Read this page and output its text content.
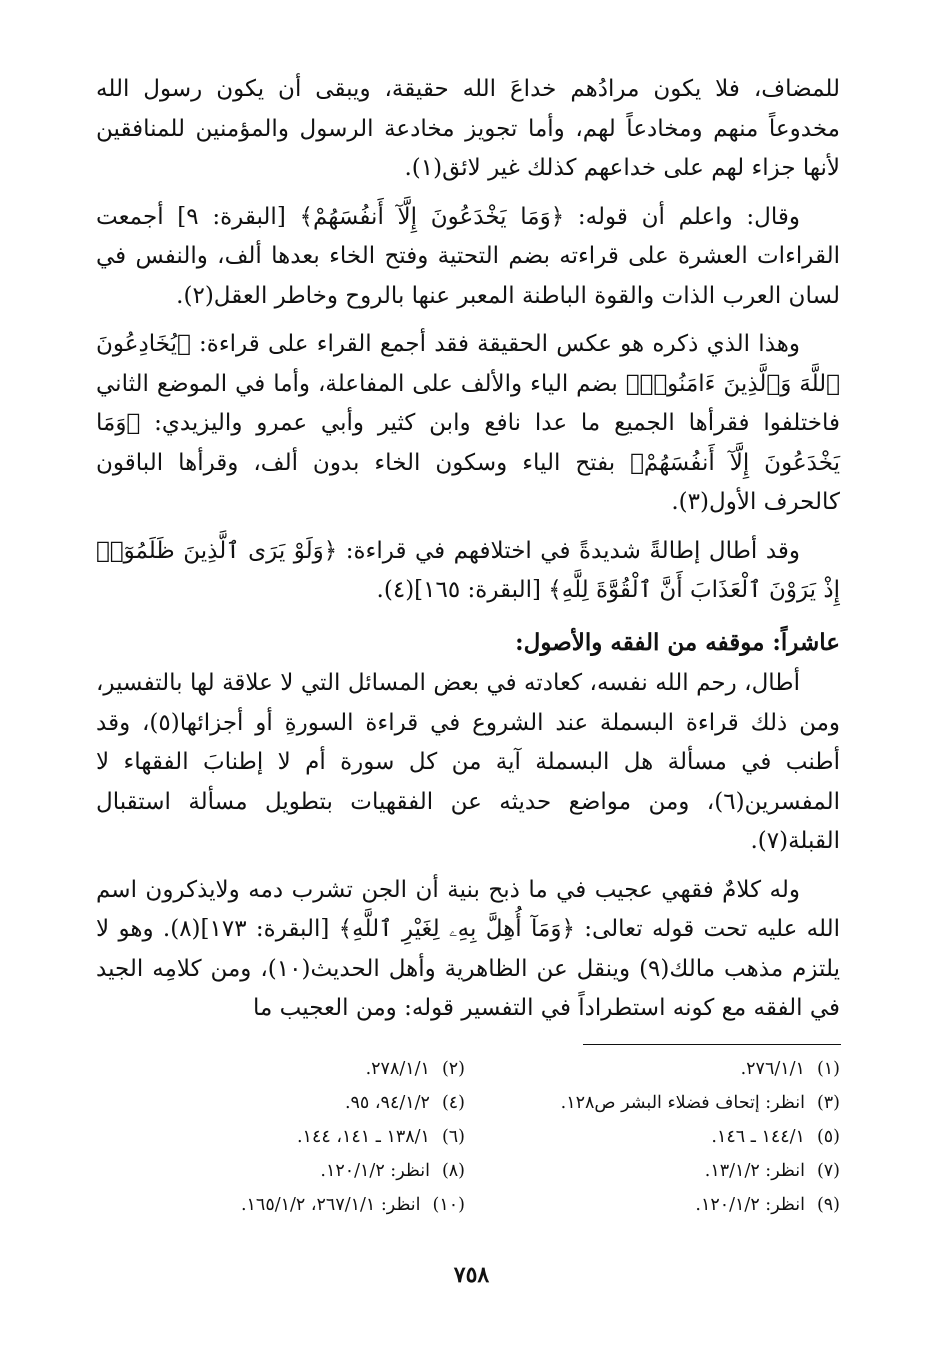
للمضاف، فلا يكون مرادُهم خداعَ الله حقيقة، ويبقى أن يكون رسول الله مخدوعاً منهم ومخادعاً لهم، وأما تجويز مخادعة الرسول والمؤمنين للمنافقين لأنها جزاء لهم على خداعهم كذلك غير لائق(١).

وقال: واعلم أن قوله: ﴿وَمَا يَخْدَعُونَ إِلَّآ أَنفُسَهُمْ﴾ [البقرة: ٩] أجمعت القراءات العشرة على قراءته بضم التحتية وفتح الخاء بعدها ألف، والنفس في لسان العرب الذات والقوة الباطنة المعبر عنها بالروح وخاطر العقل(٢).

وهذا الذي ذكره هو عكس الحقيقة فقد أجمع القراء على قراءة: ﴿يُخَادِعُونَ ٱللَّهَ وَٱلَّذِينَ ءَامَنُوا۟﴾ بضم الياء والألف على المفاعلة، وأما في الموضع الثاني فاختلفوا فقرأها الجميع ما عدا نافع وابن كثير وأبي عمرو واليزيدي: ﴿وَمَا يَخْدَعُونَ إِلَّآ أَنفُسَهُمْ﴾ بفتح الياء وسكون الخاء بدون ألف، وقرأها الباقون كالحرف الأول(٣).

وقد أطال إطالةً شديدةً في اختلافهم في قراءة: ﴿وَلَوْ يَرَى ٱلَّذِينَ ظَلَمُوٓا۟ إِذْ يَرَوْنَ ٱلْعَذَابَ أَنَّ ٱلْقُوَّةَ لِلَّهِ﴾ [البقرة: ١٦٥](٤).

عاشراً: موقفه من الفقه والأصول:

أطال، رحم الله نفسه، كعادته في بعض المسائل التي لا علاقة لها بالتفسير، ومن ذلك قراءة البسملة عند الشروع في قراءة السورةِ أو أجزائها(٥)، وقد أطنب في مسألة هل البسملة آية من كل سورة أم لا إطنابَ الفقهاء لا المفسرين(٦)، ومن مواضع حديثه عن الفقهيات بتطويل مسألة استقبال القبلة(٧).

وله كلامٌ فقهي عجيب في ما ذبح بنية أن الجن تشرب دمه ولايذكرون اسم الله عليه تحت قوله تعالى: ﴿وَمَآ أُهِلَّ بِهِۦ لِغَيْرِ ٱللَّهِ﴾ [البقرة: ١٧٣](٨). وهو لا يلتزم مذهب مالك(٩) وينقل عن الظاهرية وأهل الحديث(١٠)، ومن كلامِه الجيد في الفقه مع كونه استطراداً في التفسير قوله: ومن العجيب ما

(١)٢٧٦/١/١.
(٢)٢٧٨/١/١.
(٣)انظر: إتحاف فضلاء البشر ص١٢٨.
(٤)٩٤/١/٢، ٩٥.
(٥)١٤٤/١ ـ ١٤٦.
(٦)١٣٨/١ ـ ١٤١، ١٤٤.
(٧)انظر: ١٣/١/٢.
(٨)انظر: ١٢٠/١/٢.
(٩)انظر: ١٢٠/١/٢.
(١٠)انظر: ٢٦٧/١/١، ١٦٥/١/٢.
٧٥٨
